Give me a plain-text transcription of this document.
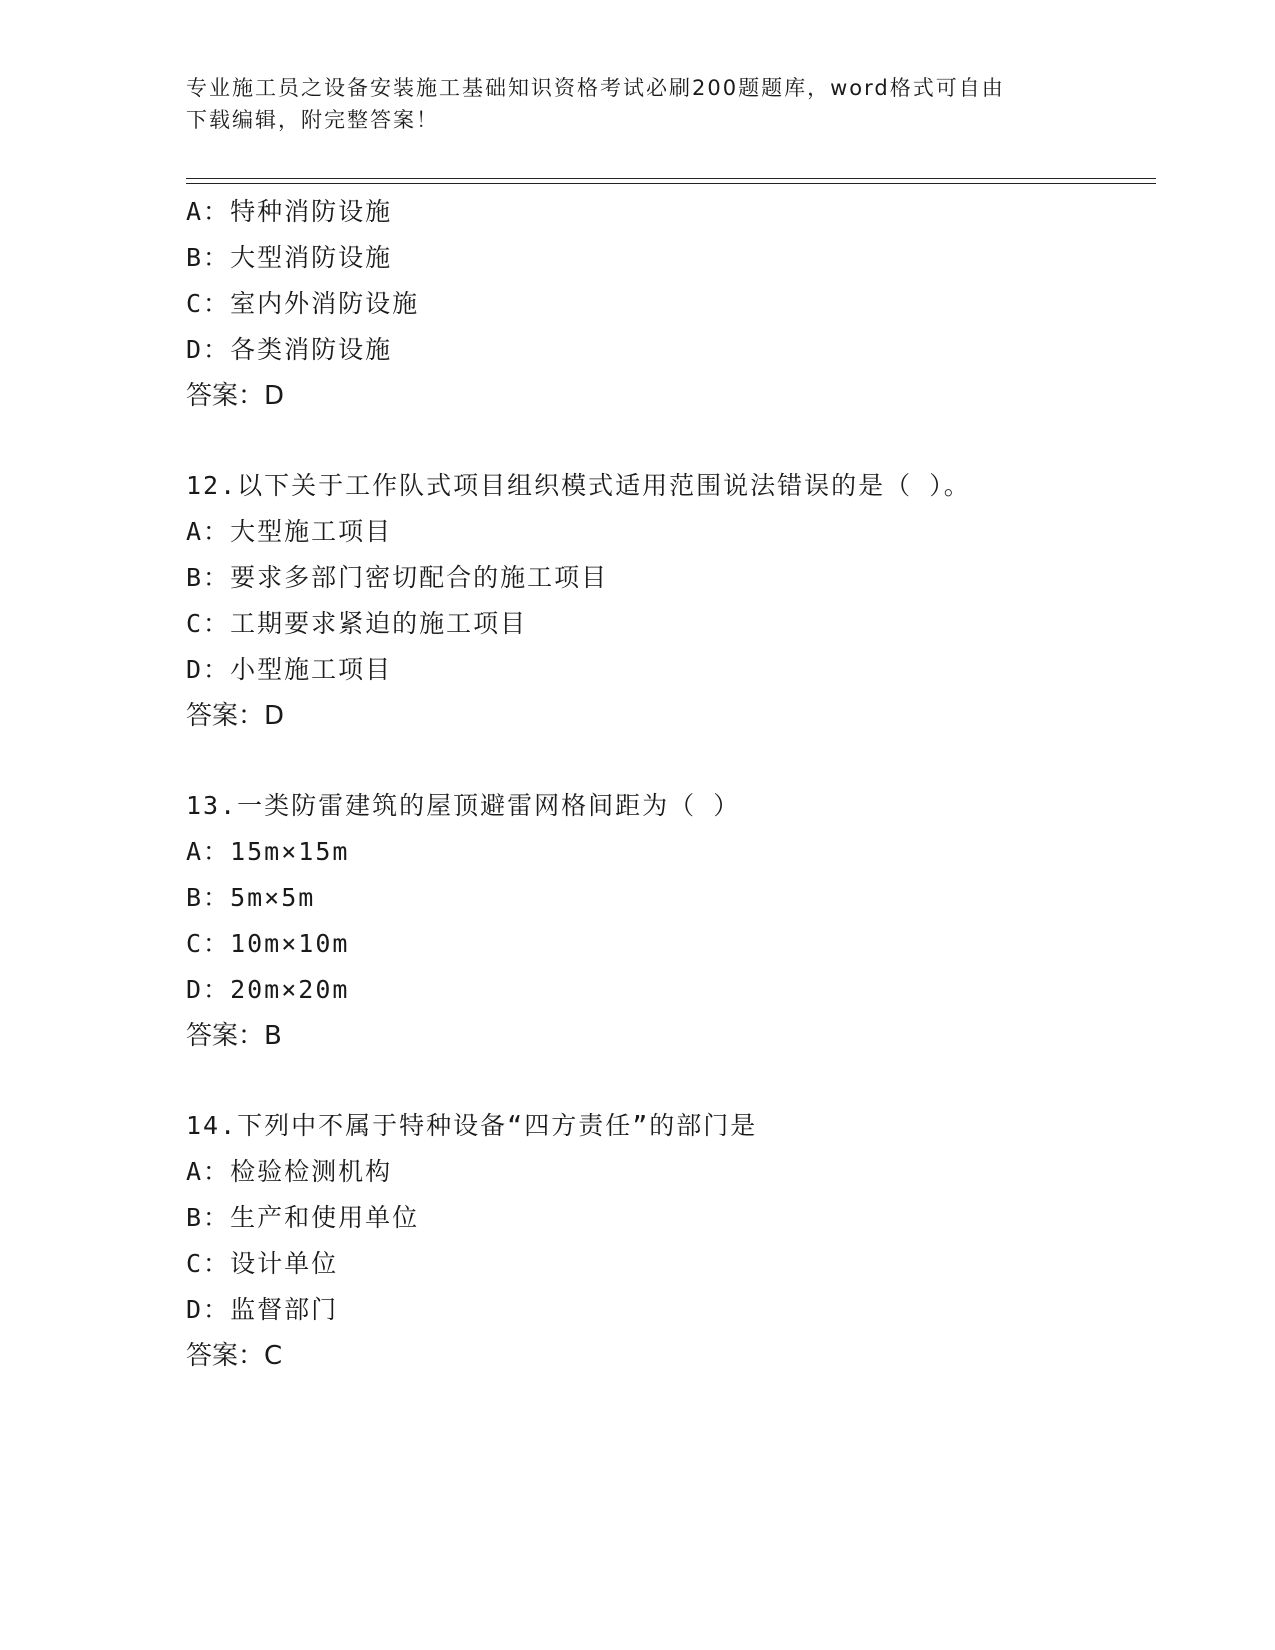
专业施工员之设备安装施工基础知识资格考试必刷200题题库，word格式可自由
下载编辑，附完整答案！
A：特种消防设施
B：大型消防设施
C：室内外消防设施
D：各类消防设施
答案：D
12.以下关于工作队式项目组织模式适用范围说法错误的是（ ）。
A：大型施工项目
B：要求多部门密切配合的施工项目
C：工期要求紧迫的施工项目
D：小型施工项目
答案：D
13.一类防雷建筑的屋顶避雷网格间距为（ ）
A：15m×15m
B：5m×5m
C：10m×10m
D：20m×20m
答案：B
14.下列中不属于特种设备“四方责任”的部门是
A：检验检测机构
B：生产和使用单位
C：设计单位
D：监督部门
答案：C
